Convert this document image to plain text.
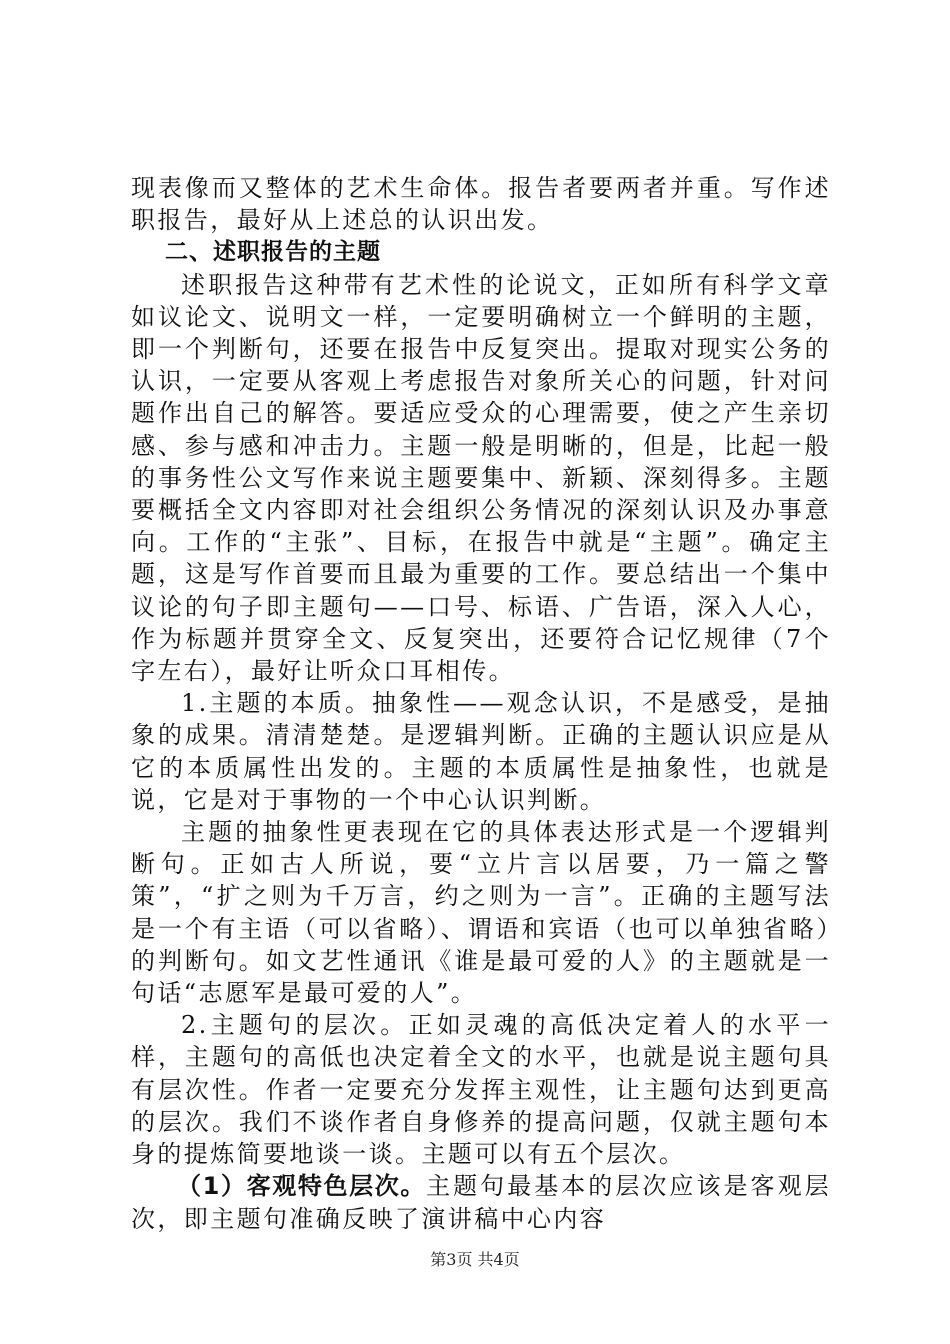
现表像而又整体的艺术生命体。报告者要两者并重。写作述职报告，最好从上述总的认识出发。

二、述职报告的主题

述职报告这种带有艺术性的论说文，正如所有科学文章如议论文、说明文一样，一定要明确树立一个鲜明的主题，即一个判断句，还要在报告中反复突出。提取对现实公务的认识，一定要从客观上考虑报告对象所关心的问题，针对问题作出自己的解答。要适应受众的心理需要，使之产生亲切感、参与感和冲击力。主题一般是明晰的，但是，比起一般的事务性公文写作来说主题要集中、新颖、深刻得多。主题要概括全文内容即对社会组织公务情况的深刻认识及办事意向。工作的“主张”、目标，在报告中就是“主题”。确定主题，这是写作首要而且最为重要的工作。要总结出一个集中议论的句子即主题句——口号、标语、广告语，深入人心，作为标题并贯穿全文、反复突出，还要符合记忆规律（7个字左右），最好让听众口耳相传。

1.主题的本质。抽象性——观念认识，不是感受，是抽象的成果。清清楚楚。是逻辑判断。正确的主题认识应是从它的本质属性出发的。主题的本质属性是抽象性，也就是说，它是对于事物的一个中心认识判断。

主题的抽象性更表现在它的具体表达形式是一个逻辑判断句。正如古人所说，要“立片言以居要，乃一篇之警策”，“扩之则为千万言，约之则为一言”。正确的主题写法是一个有主语（可以省略）、谓语和宾语（也可以单独省略）的判断句。如文艺性通讯《谁是最可爱的人》的主题就是一句话“志愿军是最可爱的人”。

2.主题句的层次。正如灵魂的高低决定着人的水平一样，主题句的高低也决定着全文的水平，也就是说主题句具有层次性。作者一定要充分发挥主观性，让主题句达到更高的层次。我们不谈作者自身修养的提高问题，仅就主题句本身的提炼简要地谈一谈。主题可以有五个层次。

（1）客观特色层次。主题句最基本的层次应该是客观层次，即主题句准确反映了演讲稿中心内容

第3页 共4页
